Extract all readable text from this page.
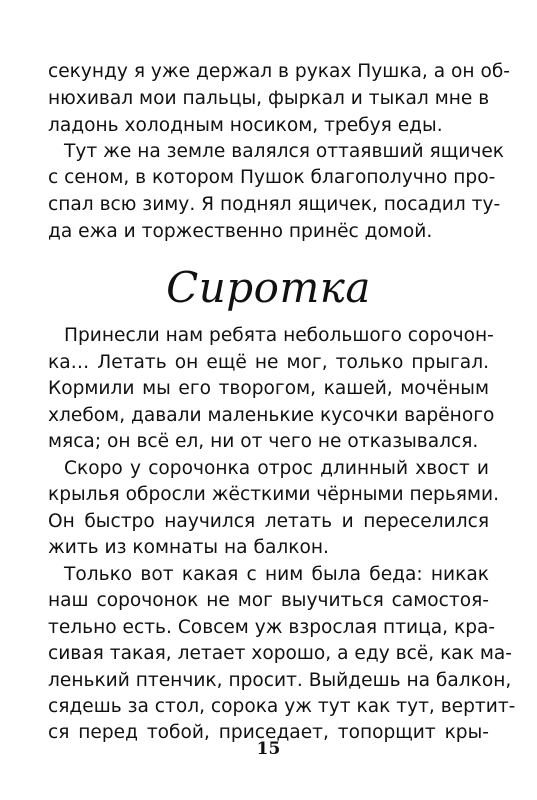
секунду я уже держал в руках Пушка, а он об-
нюхивал мои пальцы, фыркал и тыкал мне в
ладонь холодным носиком, требуя еды.
Тут же на земле валялся оттаявший ящичек
с сеном, в котором Пушок благополучно про-
спал всю зиму. Я поднял ящичек, посадил ту-
да ежа и торжественно принёс домой.
Сиротка
Принесли нам ребята небольшого сорочон-
ка… Летать он ещё не мог, только прыгал.
Кормили мы его творогом, кашей, мочёным
хлебом, давали маленькие кусочки варёного
мяса; он всё ел, ни от чего не отказывался.
Скоро у сорочонка отрос длинный хвост и
крылья обросли жёсткими чёрными перьями.
Он быстро научился летать и переселился
жить из комнаты на балкон.
Только вот какая с ним была беда: никак
наш сорочонок не мог выучиться самостоя-
тельно есть. Совсем уж взрослая птица, кра-
сивая такая, летает хорошо, а еду всё, как ма-
ленький птенчик, просит. Выйдешь на балкон,
сядешь за стол, сорока уж тут как тут, вертит-
ся перед тобой, приседает, топорщит кры-
15
